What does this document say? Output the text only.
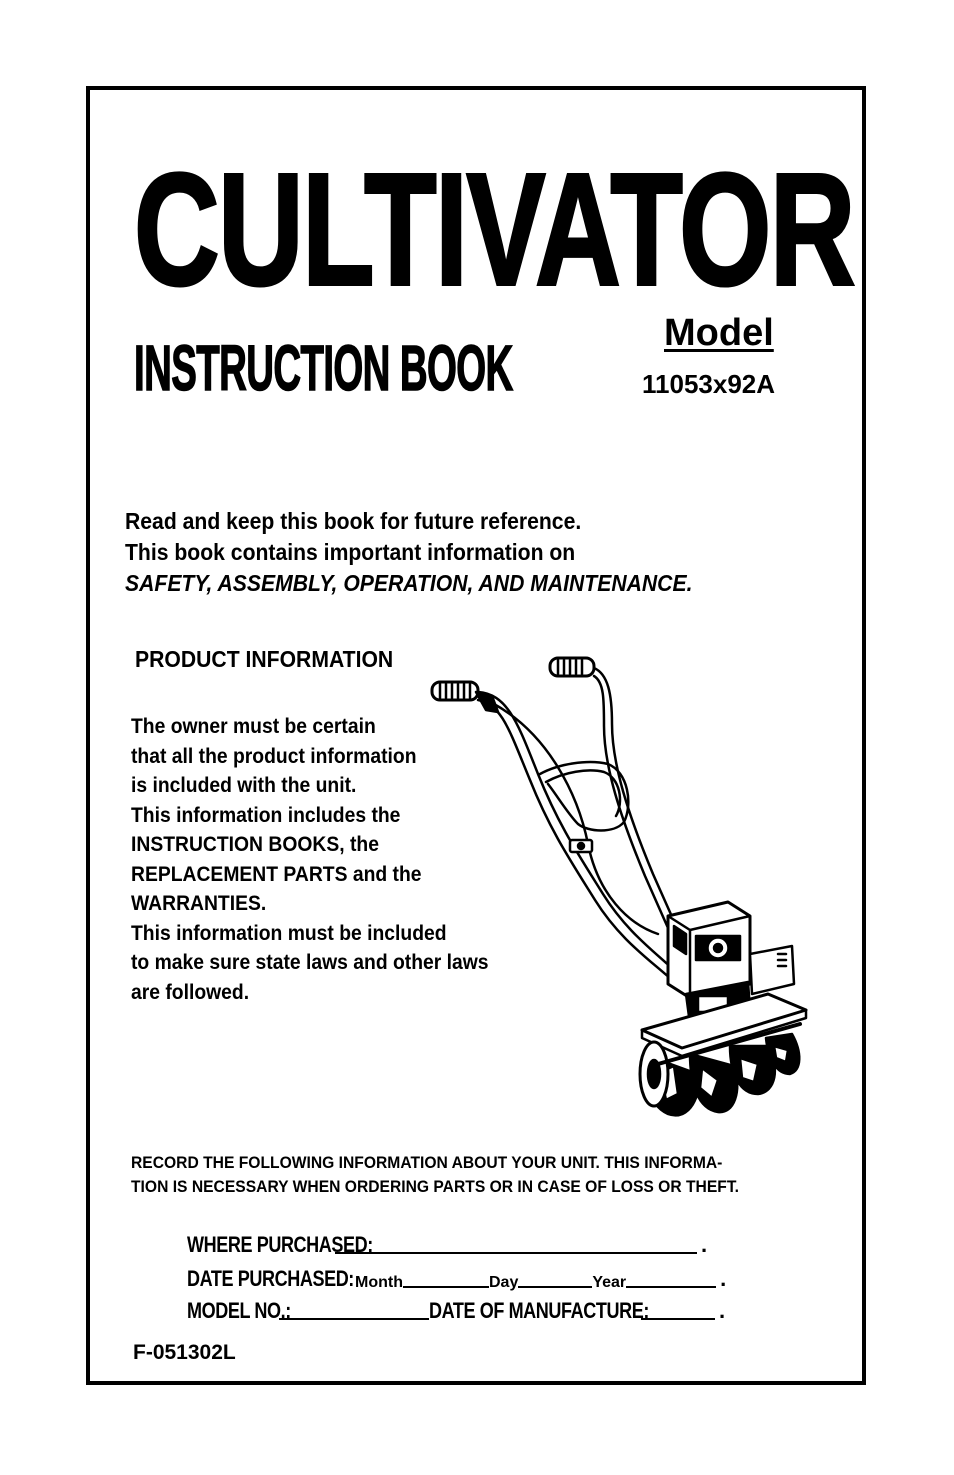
CULTIVATOR
INSTRUCTION BOOK	Model
11053x92A
Read and keep this book for future reference.
This book contains important information on
SAFETY, ASSEMBLY, OPERATION, AND MAINTENANCE.
PRODUCT INFORMATION
The owner must be certain
that all the product information
is included with the unit.
This information includes the
INSTRUCTION BOOKS, the
REPLACEMENT PARTS and the
WARRANTIES.
This information must be included
to make sure state laws and other laws
are followed.
RECORD THE FOLLOWING INFORMATION ABOUT YOUR UNIT. THIS INFORMA-
TION IS NECESSARY WHEN ORDERING PARTS OR IN CASE OF LOSS OR THEFT.
WHERE PURCHASED:	.
DATE PURCHASED: Month	Day	Year	.
MODEL NO.:	DATE OF MANUFACTURE:	.
F-051302L
